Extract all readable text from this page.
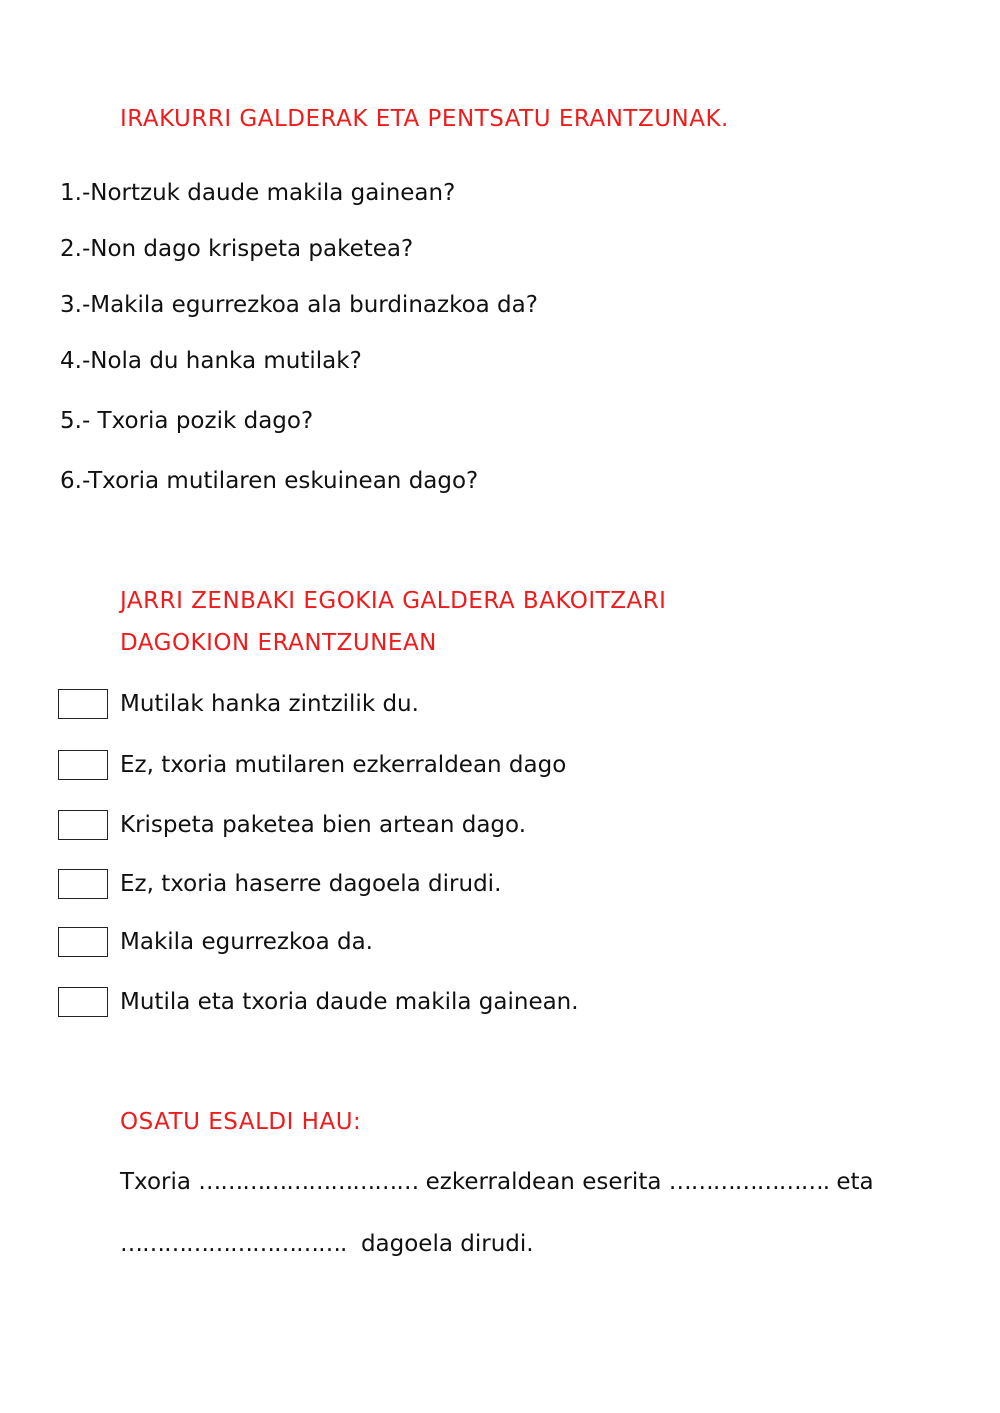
IRAKURRI GALDERAK ETA PENTSATU ERANTZUNAK.
1.-Nortzuk daude makila gainean?
2.-Non dago krispeta paketea?
3.-Makila egurrezkoa ala burdinazkoa da?
4.-Nola du hanka mutilak?
5.- Txoria pozik dago?
6.-Txoria mutilaren eskuinean dago?
JARRI ZENBAKI EGOKIA GALDERA BAKOITZARI
DAGOKION ERANTZUNEAN
Mutilak hanka zintzilik du.
Ez, txoria mutilaren ezkerraldean dago
Krispeta paketea bien artean dago.
Ez, txoria haserre dagoela dirudi.
Makila egurrezkoa da.
Mutila eta txoria daude makila gainean.
OSATU ESALDI HAU:
Txoria ………………………… ezkerraldean eserita …………………. eta
…………………………. dagoela dirudi.
